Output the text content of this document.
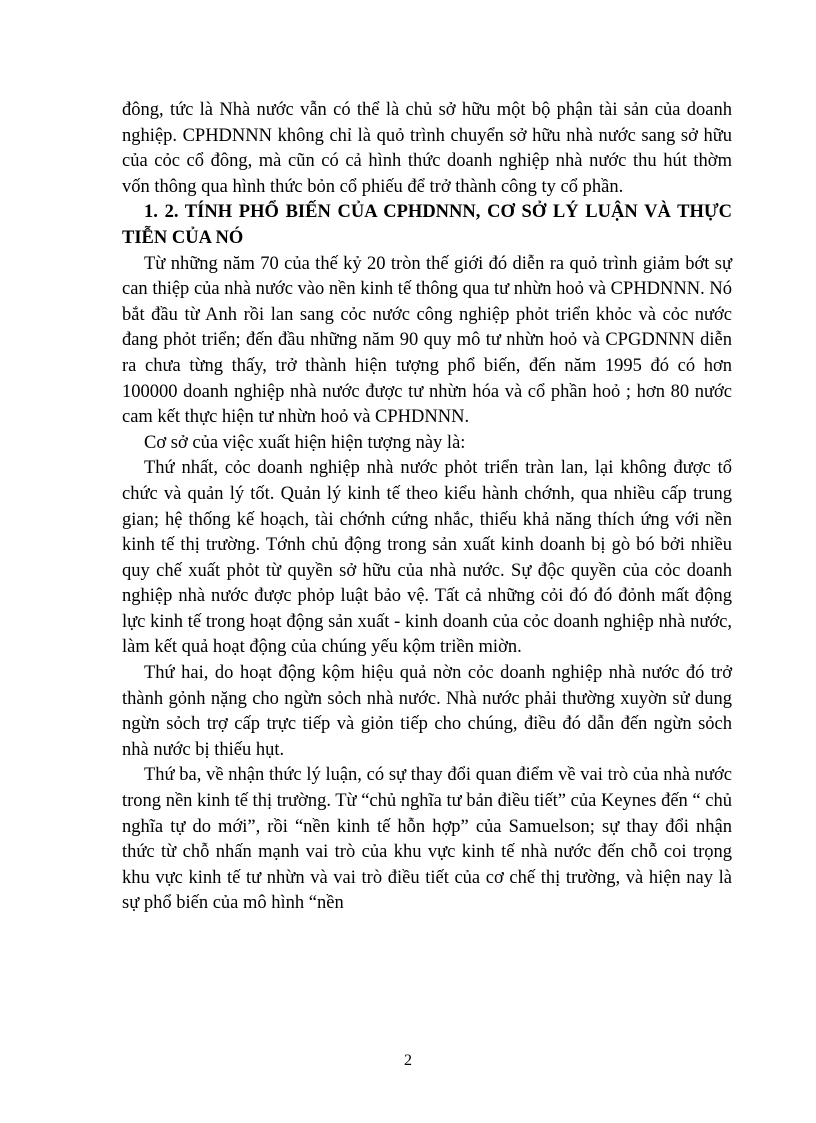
đông, tức là Nhà nước vẫn có thể là chủ sở hữu một bộ phận tài sản của doanh nghiệp. CPHDNNN không chỉ là quỏ trình chuyển sở hữu nhà nước sang sở hữu của cỏc cổ đông, mà cũn có cả hình thức doanh nghiệp nhà nước thu hút thờm vốn thông qua hình thức bỏn cổ phiếu để trở thành công ty cổ phần.

1. 2. TÍNH PHỔ BIẾN CỦA CPHDNNN, CƠ SỞ LÝ LUẬN VÀ THỰC TIỄN CỦA NÓ

Từ những năm 70 của thế kỷ 20 tròn thế giới đó diễn ra quỏ trình giảm bớt sự can thiệp của nhà nước vào nền kinh tế thông qua tư nhừn hoỏ và CPHDNNN. Nó bắt đầu từ Anh rồi lan sang cỏc nước công nghiệp phỏt triển khỏc và cỏc nước đang phỏt triển; đến đầu những năm 90 quy mô tư nhừn hoỏ và CPGDNNN diễn ra chưa từng thấy, trở thành hiện tượng phổ biến, đến năm 1995 đó có hơn 100000 doanh nghiệp nhà nước được tư nhừn hóa và cổ phần hoỏ ; hơn 80 nước cam kết thực hiện tư nhừn hoỏ và CPHDNNN.

Cơ sở của việc xuất hiện hiện tượng này là:

Thứ nhất, cỏc doanh nghiệp nhà nước phỏt triển tràn lan, lại không được tổ chức và quản lý tốt. Quản lý kinh tế theo kiểu hành chớnh, qua nhiều cấp trung gian; hệ thống kế hoạch, tài chớnh cứng nhắc, thiếu khả năng thích ứng với nền kinh tế thị trường. Tớnh chủ động trong sản xuất kinh doanh bị gò bó bởi nhiều quy chế xuất phỏt từ quyền sở hữu của nhà nước. Sự độc quyền của cỏc doanh nghiệp nhà nước được phỏp luật bảo vệ. Tất cả những cỏi đó đó đỏnh mất động lực kinh tế trong hoạt động sản xuất - kinh doanh của cỏc doanh nghiệp nhà nước, làm kết quả hoạt động của chúng yếu kộm triền miờn.

Thứ hai, do hoạt động kộm hiệu quả nờn cỏc doanh nghiệp nhà nước đó trở thành gỏnh nặng cho ngừn sỏch nhà nước. Nhà nước phải thường xuyờn sử dung ngừn sỏch trợ cấp trực tiếp và giỏn tiếp cho chúng, điều đó dẫn đến ngừn sỏch nhà nước bị thiếu hụt.

Thứ ba, về nhận thức lý luận, có sự thay đổi quan điểm về vai trò của nhà nước trong nền kinh tế thị trường. Từ “chủ nghĩa tư bản điều tiết” của Keynes đến “ chủ nghĩa tự do mới”, rồi “nền kinh tế hỗn hợp” của Samuelson; sự thay đổi nhận thức từ chỗ nhấn mạnh vai trò của khu vực kinh tế nhà nước đến chỗ coi trọng khu vực kinh tế tư nhừn và vai trò điều tiết của cơ chế thị trường, và hiện nay là sự phổ biến của mô hình “nền

2
